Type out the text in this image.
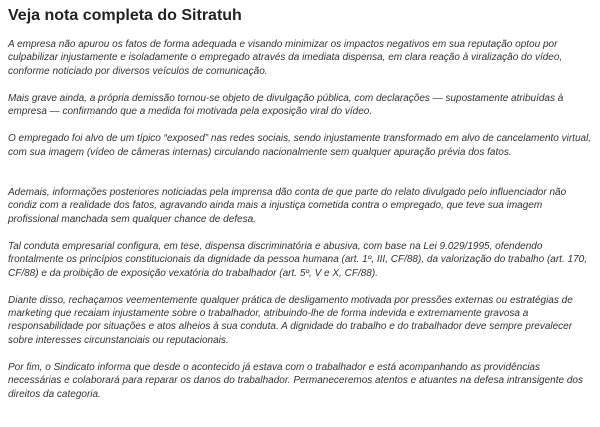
Veja nota completa do Sitratuh

A empresa não apurou os fatos de forma adequada e visando minimizar os impactos negativos em sua reputação optou por culpabilizar injustamente e isoladamente o empregado através da imediata dispensa, em clara reação à viralização do vídeo, conforme noticiado por diversos veículos de comunicação.

Mais grave ainda, a própria demissão tornou-se objeto de divulgação pública, com declarações — supostamente atribuídas à empresa — confirmando que a medida foi motivada pela exposição viral do vídeo.

O empregado foi alvo de um típico “exposed” nas redes sociais, sendo injustamente transformado em alvo de cancelamento virtual, com sua imagem (vídeo de câmeras internas) circulando nacionalmente sem qualquer apuração prévia dos fatos.

Ademais, informações posteriores noticiadas pela imprensa dão conta de que parte do relato divulgado pelo influenciador não condiz com a realidade dos fatos, agravando ainda mais a injustiça cometida contra o empregado, que teve sua imagem profissional manchada sem qualquer chance de defesa.

Tal conduta empresarial configura, em tese, dispensa discriminatória e abusiva, com base na Lei 9.029/1995, ofendendo frontalmente os princípios constitucionais da dignidade da pessoa humana (art. 1º, III, CF/88), da valorização do trabalho (art. 170, CF/88) e da proibição de exposição vexatória do trabalhador (art. 5º, V e X, CF/88).

Diante disso, rechaçamos veementemente qualquer prática de desligamento motivada por pressões externas ou estratégias de marketing que recaiam injustamente sobre o trabalhador, atribuindo-lhe de forma indevida e extremamente gravosa a responsabilidade por situações e atos alheios à sua conduta. A dignidade do trabalho e do trabalhador deve sempre prevalecer sobre interesses circunstanciais ou reputacionais.

Por fim, o Sindicato informa que desde o acontecido já estava com o trabalhador e está acompanhando as providências necessárias e colaborará para reparar os danos do trabalhador. Permaneceremos atentos e atuantes na defesa intransigente dos direitos da categoria.
